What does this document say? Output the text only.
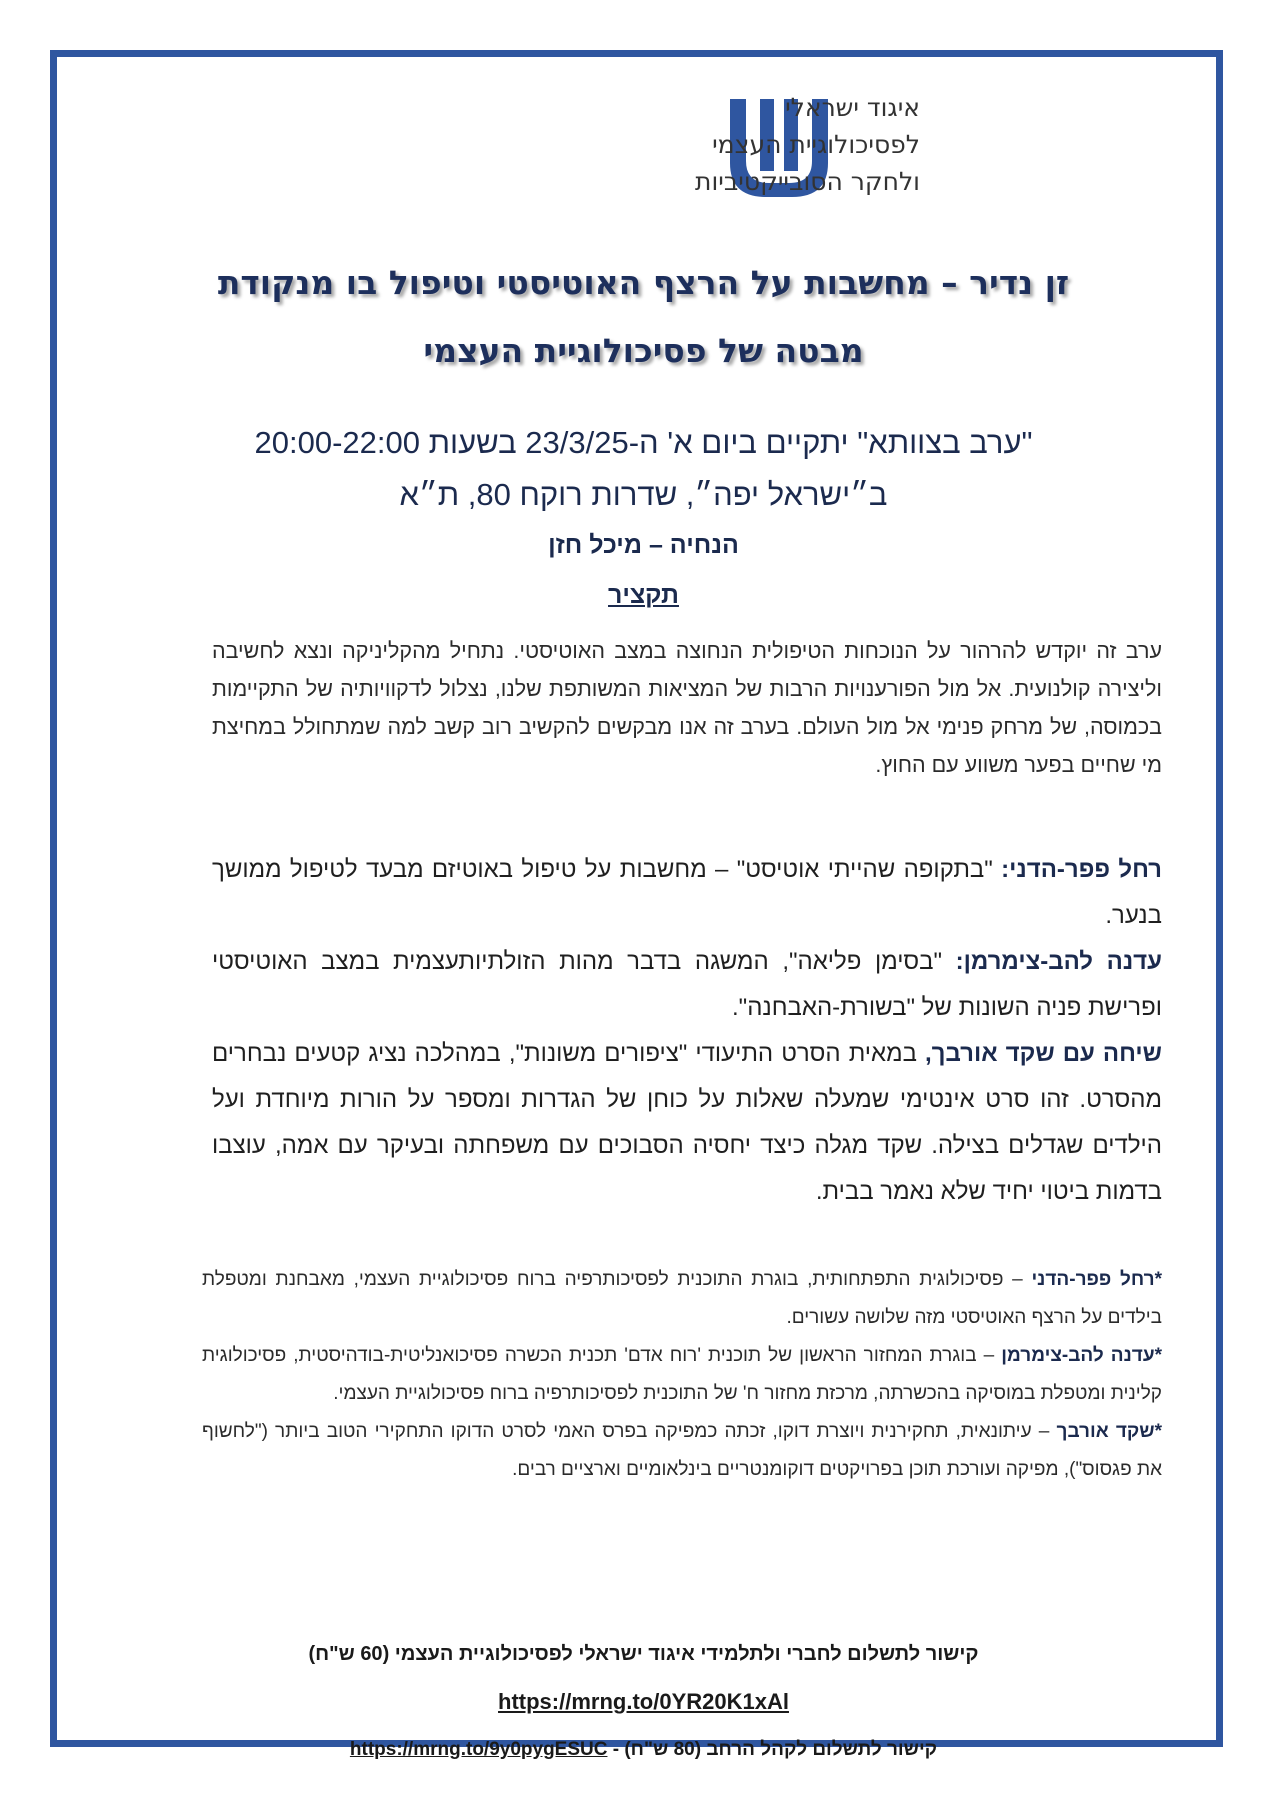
איגוד ישראלי
לפסיכולוגיית העצמי
ולחקר הסובייקטיביות
זן נדיר – מחשבות על הרצף האוטיסטי וטיפול בו מנקודת
מבטה של פסיכולוגיית העצמי
"ערב בצוותא" יתקיים ביום א' ה-23/3/25 בשעות 20:00-22:00
ב״ישראל יפה״, שדרות רוקח 80, ת״א
הנחיה – מיכל חזן
תקציר
ערב זה יוקדש להרהור על הנוכחות הטיפולית הנחוצה במצב האוטיסטי. נתחיל מהקליניקה ונצא לחשיבה וליצירה קולנועית. אל מול הפורענויות הרבות של המציאות המשותפת שלנו, נצלול לדקוויותיה של התקיימות בכמוסה, של מרחק פנימי אל מול העולם. בערב זה אנו מבקשים להקשיב רוב קשב למה שמתחולל במחיצת מי שחיים בפער משווע עם החוץ.

רחל פפר-הדני: "בתקופה שהייתי אוטיסט" – מחשבות על טיפול באוטיזם מבעד לטיפול ממושך בנער.

עדנה להב-צימרמן: "בסימן פליאה", המשגה בדבר מהות הזולתיותעצמית במצב האוטיסטי ופרישת פניה השונות של "בשורת-האבחנה".

שיחה עם שקד אורבך, במאית הסרט התיעודי "ציפורים משונות", במהלכה נציג קטעים נבחרים מהסרט. זהו סרט אינטימי שמעלה שאלות על כוחן של הגדרות ומספר על הורות מיוחדת ועל הילדים שגדלים בצילה. שקד מגלה כיצד יחסיה הסבוכים עם משפחתה ובעיקר עם אמה, עוצבו בדמות ביטוי יחיד שלא נאמר בבית.

*רחל פפר-הדני – פסיכולוגית התפתחותית, בוגרת התוכנית לפסיכותרפיה ברוח פסיכולוגיית העצמי, מאבחנת ומטפלת בילדים על הרצף האוטיסטי מזה שלושה עשורים.

*עדנה להב-צימרמן – בוגרת המחזור הראשון של תוכנית 'רוח אדם' תכנית הכשרה פסיכואנליטית-בודהיסטית, פסיכולוגית קלינית ומטפלת במוסיקה בהכשרתה, מרכזת מחזור ח' של התוכנית לפסיכותרפיה ברוח פסיכולוגיית העצמי.

*שקד אורבך – עיתונאית, תחקירנית ויוצרת דוקו, זכתה כמפיקה בפרס האמי לסרט הדוקו התחקירי הטוב ביותר ("לחשוף את פגסוס"), מפיקה ועורכת תוכן בפרויקטים דוקומנטריים בינלאומיים וארציים רבים.

קישור לתשלום לחברי ולתלמידי איגוד ישראלי לפסיכולוגיית העצמי (60 ש"ח)
https://mrng.to/0YR20K1xAl
קישור לתשלום לקהל הרחב (80 ש"ח) - https://mrng.to/9y0pygESUC
